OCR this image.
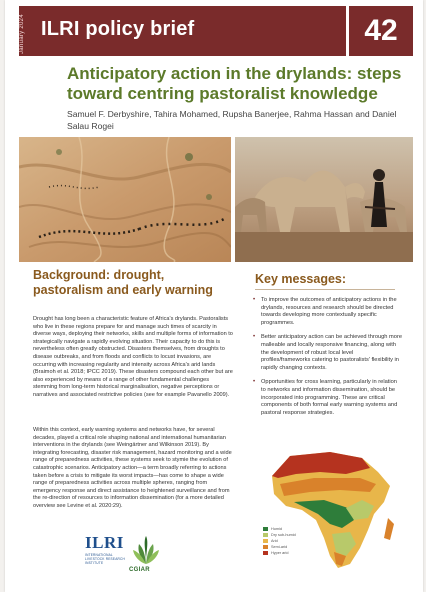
January 2024 ILRI policy brief	42
Anticipatory action in the drylands: steps toward centring pastoralist knowledge
Samuel F. Derbyshire, Tahira Mohamed, Rupsha Banerjee, Rahma Hassan and Daniel Salau Rogei
Background: drought, pastoralism and early warning
Drought has long been a characteristic feature of Africa's drylands. Pastoralists who live in these regions prepare for and manage such times of scarcity in diverse ways, deploying their networks, skills and multiple forms of information to strategically navigate a rapidly evolving situation. Their capacity to do this is nevertheless often greatly obstructed. Disasters themselves, from droughts to disease outbreaks, and from floods and conflicts to locust invasions, are occurring with increasing regularity and intensity across Africa's arid lands (Braimoh et al. 2018; IPCC 2019). These disasters compound each other but are also experienced by means of a range of other fundamental challenges stemming from long-term historical marginalisation, negative perceptions or narratives and associated restrictive policies (see for example Pavanello 2009).
Within this context, early warning systems and networks have, for several decades, played a critical role shaping national and international humanitarian interventions in the drylands (see Weingärtner and Wilkinson 2019). By integrating forecasting, disaster risk management, hazard monitoring and a wide range of preparedness activities, these systems seek to stymie the evolution of catastrophic scenarios. Anticipatory action—a term broadly referring to actions taken before a crisis to mitigate its worst impacts—has come to shape a wide range of preparedness activities across multiple spheres, ranging from emergency response and direct assistance to heightened surveillance and from the re-direction of resources to information dissemination (for a more detailed overview see Levine et al. 2020:29).
Key messages:
• To improve the outcomes of anticipatory actions in the drylands, resources and research should be directed towards developing more contextually specific programmes.
• Better anticipatory action can be achieved through more malleable and locally responsive financing, along with the development of robust local level profiles/frameworks catering to pastoralists' flexibility in rapidly changing contexts.
• Opportunities for cross learning, particularly in relation to networks and information dissemination, should be incorporated into programming. These are critical components of both formal early warning systems and pastoral response strategies.
Humid
Dry sub-humid
Arid
Semi-arid
Hyper arid
ILRI
INTERNATIONAL LIVESTOCK RESEARCH INSTITUTE
CGIAR
